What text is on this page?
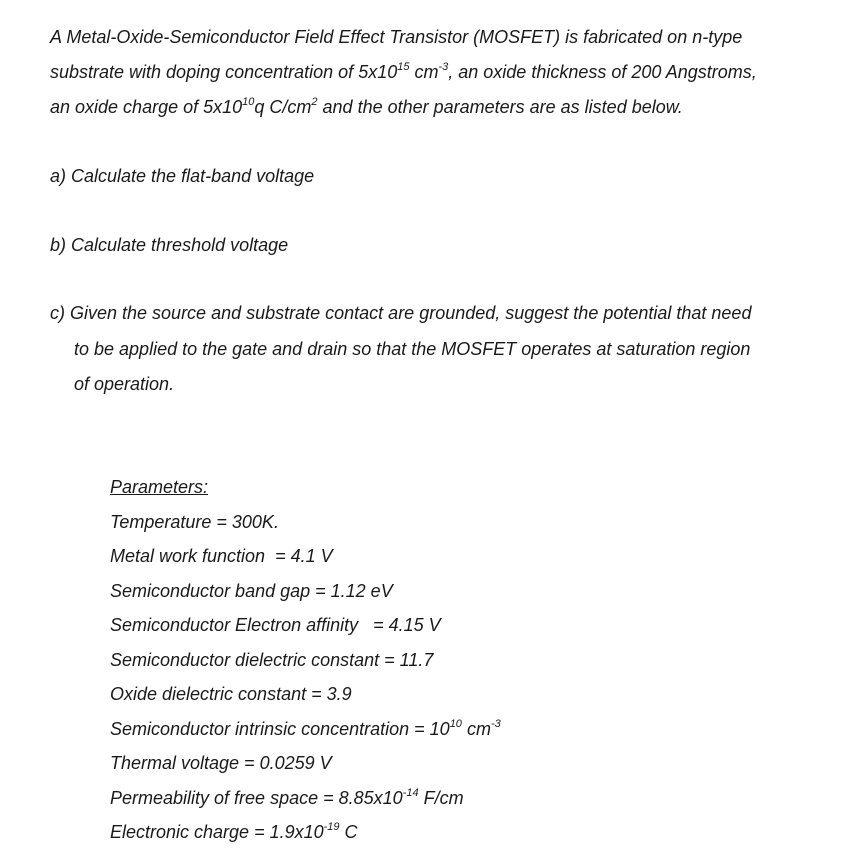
A Metal-Oxide-Semiconductor Field Effect Transistor (MOSFET) is fabricated on n-type
substrate with doping concentration of $5x10^{15}$ $cm^{-3}$, an oxide thickness of 200 Angstroms,
an oxide charge of $5x10^{10}q$ $C/cm^2$ and the other parameters are as listed below.
a) Calculate the flat-band voltage
b) Calculate threshold voltage
c) Given the source and substrate contact are grounded, suggest the potential that need
to be applied to the gate and drain so that the MOSFET operates at saturation region
of operation.
Parameters:
Temperature = 300K.
Metal work function  = 4.1 V
Semiconductor band gap = 1.12 eV
Semiconductor Electron affinity   = 4.15 V
Semiconductor dielectric constant = 11.7
Oxide dielectric constant = 3.9
Semiconductor intrinsic concentration = $10^{10}$ $cm^{-3}$
Thermal voltage = 0.0259 V
Permeability of free space = $8.85x10^{-14}$ F/cm
Electronic charge = $1.9x10^{-19}$ C
